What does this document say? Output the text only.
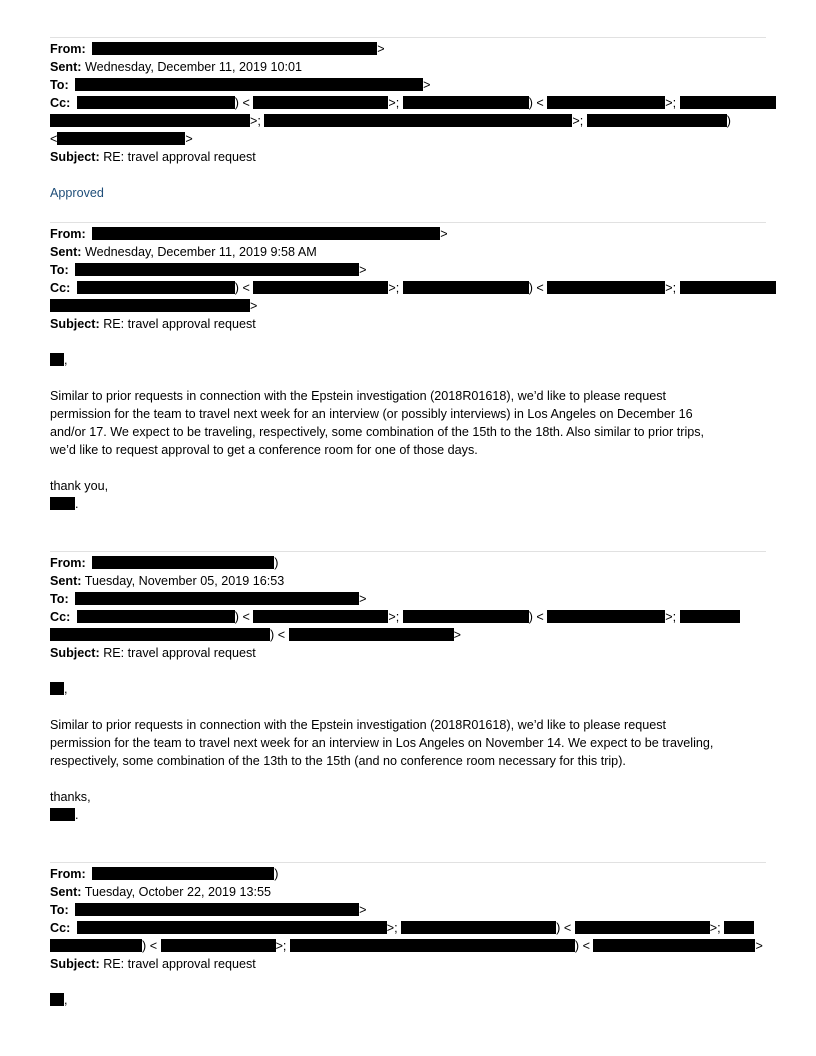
From:	>
Sent: Wednesday, December 11, 2019 10:01
To:	>
Cc:	) <	>;	) <	>;
>;	>;	)
<	>
Subject: RE: travel approval request
Approved
From:	>
Sent: Wednesday, December 11, 2019 9:58 AM
To:	>
Cc:	) <	>;	) <	>;
>
Subject: RE: travel approval request
,
Similar to prior requests in connection with the Epstein investigation (2018R01618), we’d like to please request
permission for the team to travel next week for an interview (or possibly interviews) in Los Angeles on December 16
and/or 17. We expect to be traveling, respectively, some combination of the 15th to the 18th. Also similar to prior trips,
we’d like to request approval to get a conference room for one of those days.
thank you,
.
From:	)
Sent: Tuesday, November 05, 2019 16:53
To:	>
Cc:	) <	>;	) <	>;
) <	>
Subject: RE: travel approval request
,
Similar to prior requests in connection with the Epstein investigation (2018R01618), we’d like to please request
permission for the team to travel next week for an interview in Los Angeles on November 14. We expect to be traveling,
respectively, some combination of the 13th to the 15th (and no conference room necessary for this trip).
thanks,
.
From:	)
Sent: Tuesday, October 22, 2019 13:55
To:	>
Cc:	>;	) <	>;
) <	>;	) <	>
Subject: RE: travel approval request
,
